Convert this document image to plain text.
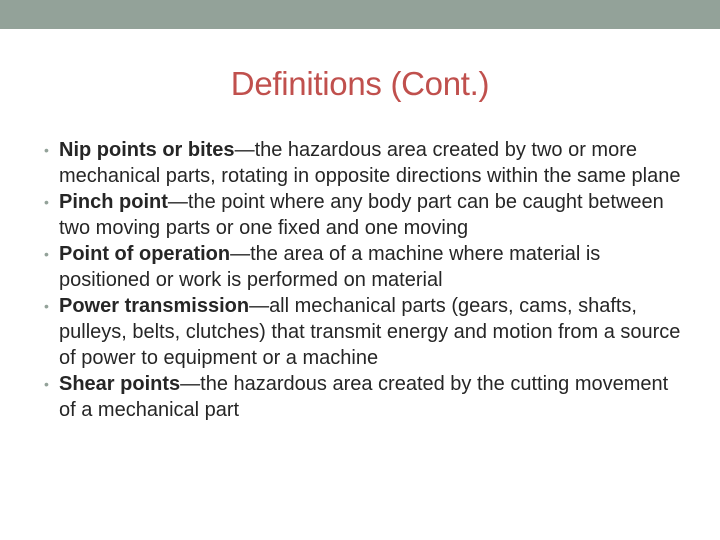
Definitions (Cont.)
• Nip points or bites—the hazardous area created by two or more mechanical parts, rotating in opposite directions within the same plane
• Pinch point—the point where any body part can be caught between two moving parts or one fixed and one moving
• Point of operation—the area of a machine where material is positioned or work is performed on material
• Power transmission—all mechanical parts (gears, cams, shafts, pulleys, belts, clutches) that transmit energy and motion from a source of power to equipment or a machine
• Shear points—the hazardous area created by the cutting movement of a mechanical part
